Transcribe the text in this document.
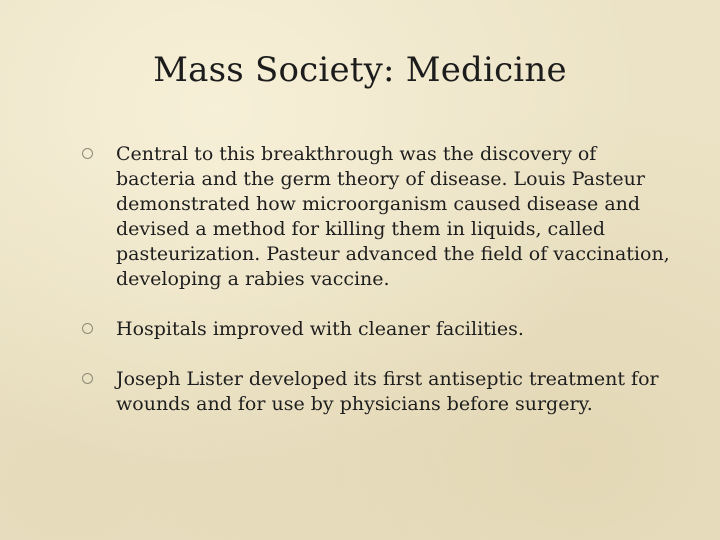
Mass Society: Medicine
Central to this breakthrough was the discovery of bacteria and the germ theory of disease. Louis Pasteur demonstrated how microorganism caused disease and devised a method for killing them in liquids, called pasteurization. Pasteur advanced the field of vaccination, developing a rabies vaccine.
Hospitals improved with cleaner facilities.
Joseph Lister developed its first antiseptic treatment for wounds and for use by physicians before surgery.
